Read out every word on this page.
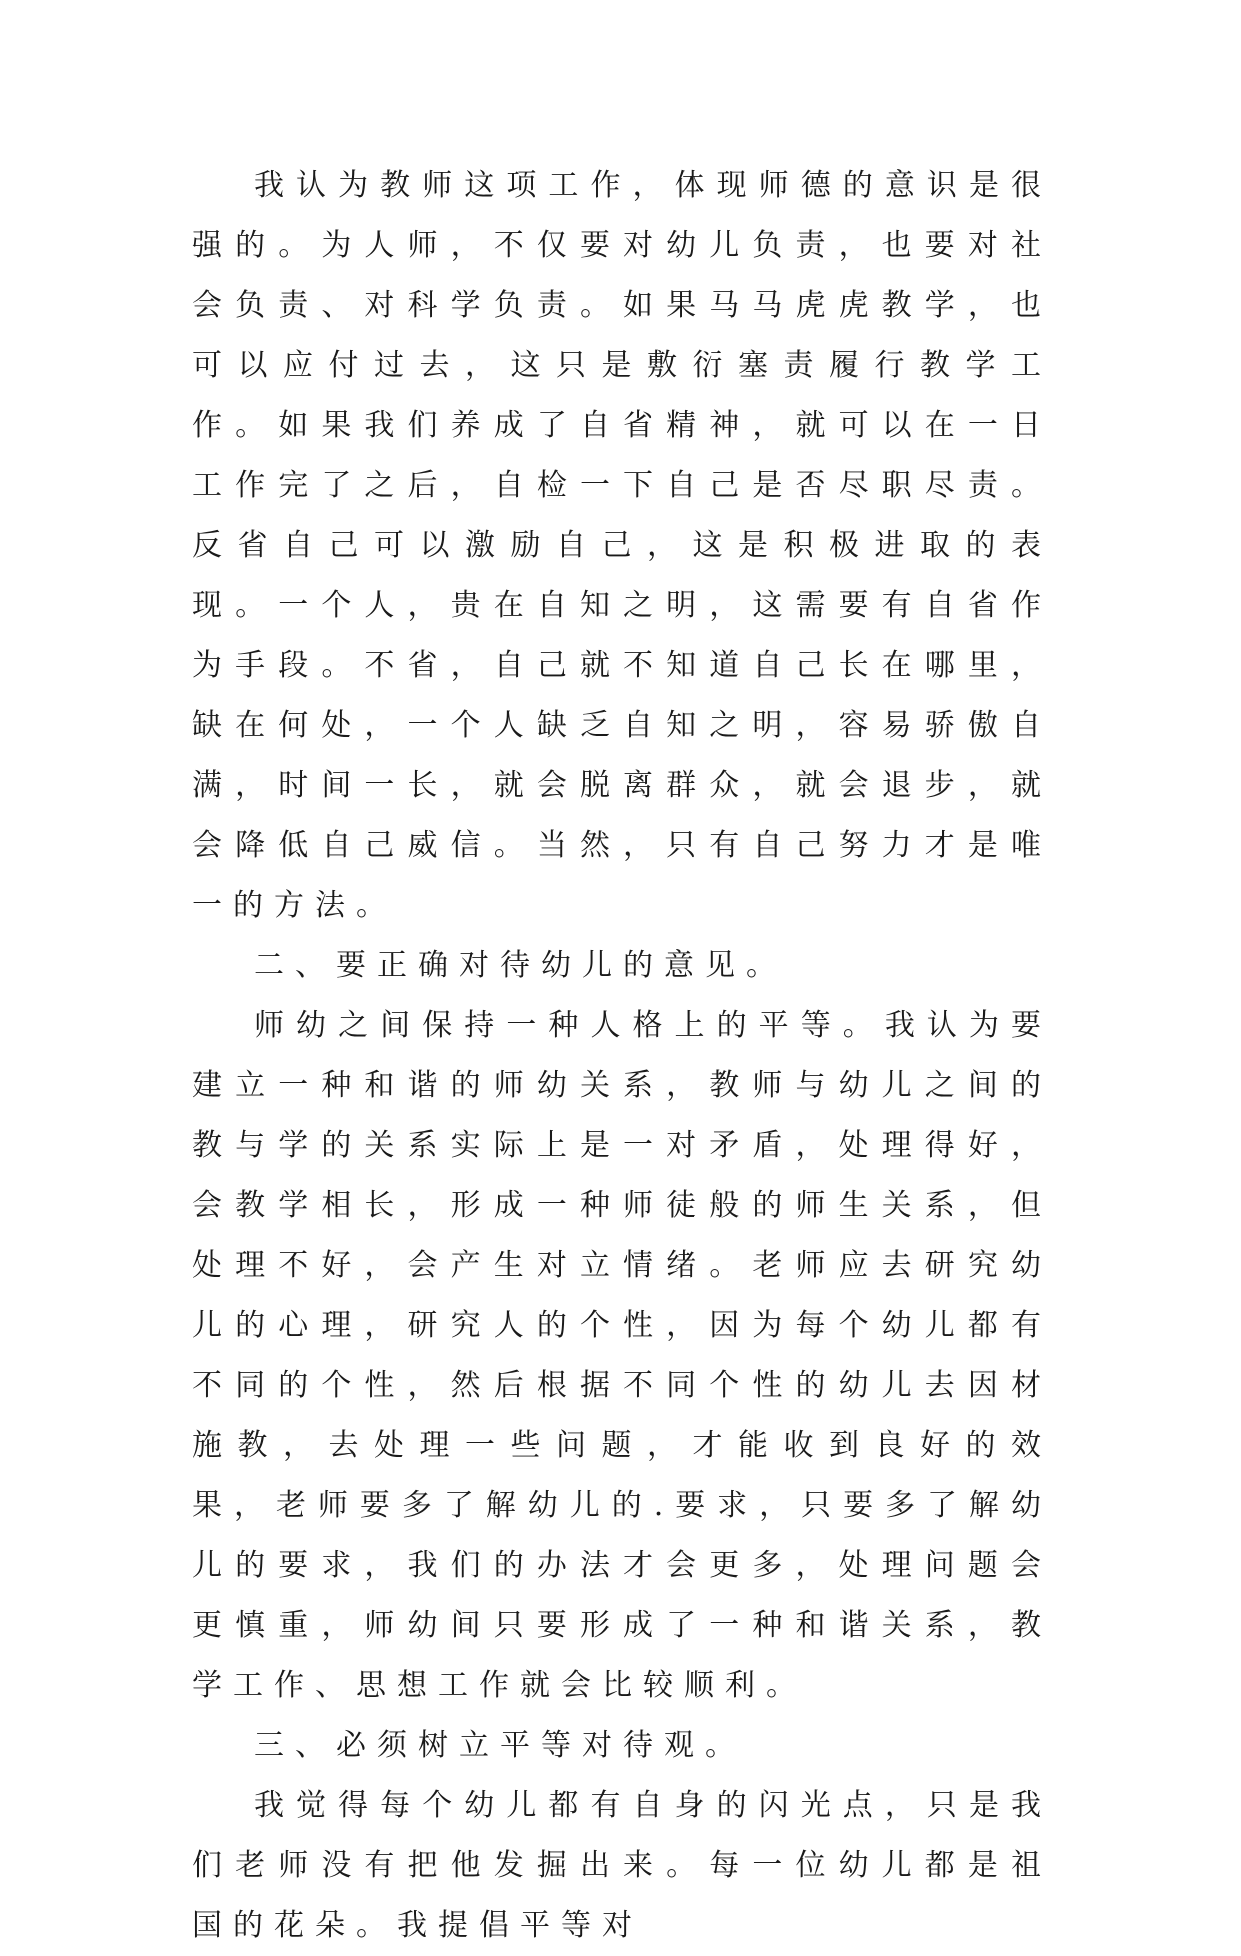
我认为教师这项工作，体现师德的意识是很强的。为人师，不仅要对幼儿负责，也要对社会负责、对科学负责。如果马马虎虎教学，也可以应付过去，这只是敷衍塞责履行教学工作。如果我们养成了自省精神，就可以在一日工作完了之后，自检一下自己是否尽职尽责。反省自己可以激励自己，这是积极进取的表现。一个人，贵在自知之明，这需要有自省作为手段。不省，自己就不知道自己长在哪里，缺在何处，一个人缺乏自知之明，容易骄傲自满，时间一长，就会脱离群众，就会退步，就会降低自己威信。当然，只有自己努力才是唯一的方法。

二、要正确对待幼儿的意见。

师幼之间保持一种人格上的平等。我认为要建立一种和谐的师幼关系，教师与幼儿之间的教与学的关系实际上是一对矛盾，处理得好，会教学相长，形成一种师徒般的师生关系，但处理不好，会产生对立情绪。老师应去研究幼儿的心理，研究人的个性，因为每个幼儿都有不同的个性，然后根据不同个性的幼儿去因材施教，去处理一些问题，才能收到良好的效果，老师要多了解幼儿的.要求，只要多了解幼儿的要求，我们的办法才会更多，处理问题会更慎重，师幼间只要形成了一种和谐关系，教学工作、思想工作就会比较顺利。

三、必须树立平等对待观。

我觉得每个幼儿都有自身的闪光点，只是我们老师没有把他发掘出来。每一位幼儿都是祖国的花朵。我提倡平等对
